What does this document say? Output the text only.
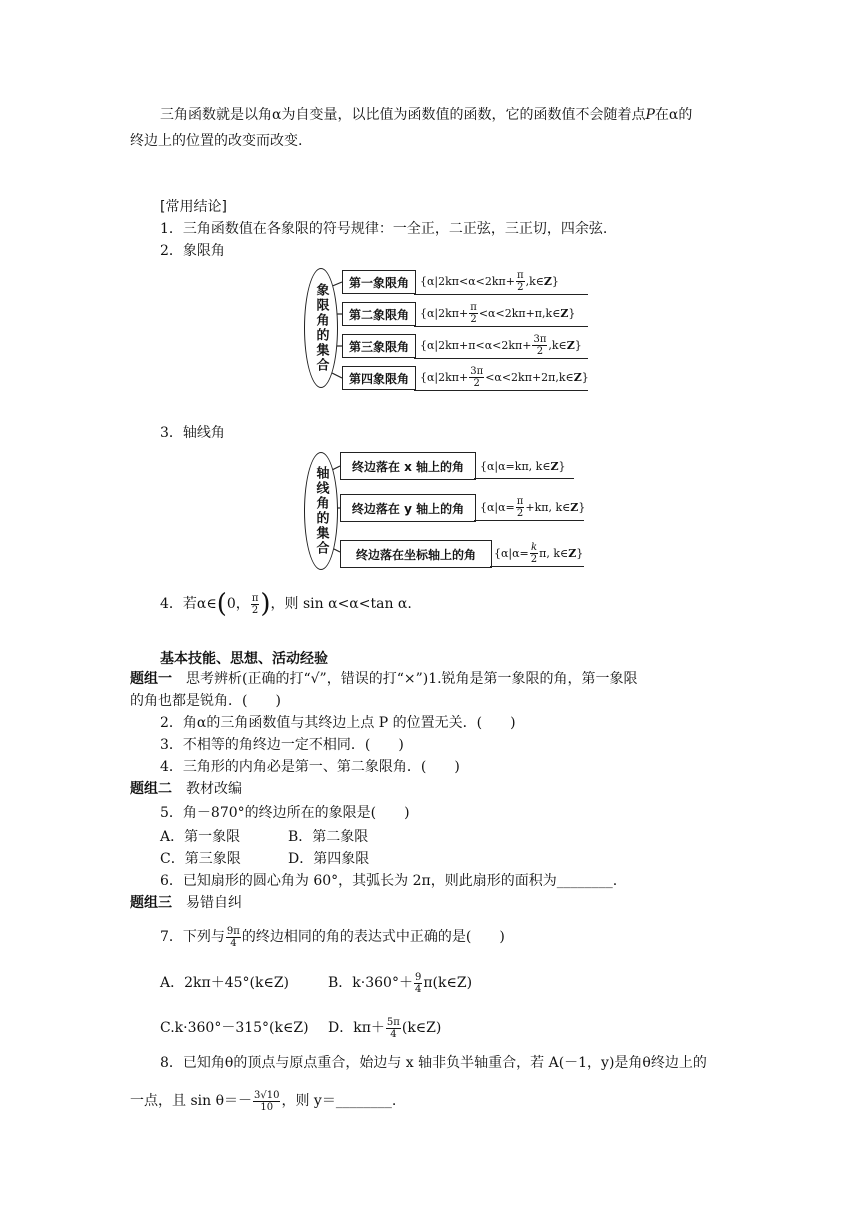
三角函数就是以角α为自变量，以比值为函数值的函数，它的函数值不会随着点P在α的
终边上的位置的改变而改变.
[常用结论]
1．三角函数值在各象限的符号规律：一全正，二正弦，三正切，四余弦.
2．象限角
象限角的集合
第一象限角	{$\alpha|2k\pi<\alpha<2k\pi+ \frac{\pi}{2}$ ,k∈ Z }
第二象限角	{$\alpha|2k\pi+ \frac{\pi}{2}$ <α<2kπ+π,k∈ Z }
第三象限角	{$\alpha|2k\pi+\pi<\alpha<2k\pi+ \frac{3\pi}{2}$ ,k∈ Z }
第四象限角	{$\alpha|2k\pi+ \frac{3\pi}{2}$ <α<2kπ+2π,k∈ Z }
3．轴线角
轴线角的集合	终边落在 x 轴上的角	{α|α=kπ, k∈ Z }
终边落在 y 轴上的角	{$\alpha|\alpha= \frac{\pi}{2} +k\pi$, k∈ Z }
终边落在坐标轴上的角	{$\alpha|\alpha= \frac{k}{2} \pi$, k∈ Z }
4．若α∈ ( 0， $\frac{\pi}{2}$ ) ，则 sin α<α<tan α.
基本技能、思想、活动经验
题组一　思考辨析(正确的打“√”，错误的打“×”)1.锐角是第一象限的角，第一象限
的角也都是锐角．(　　)
2．角α的三角函数值与其终边上点 P 的位置无关．(　　)
3．不相等的角终边一定不相同．(　　)
4．三角形的内角必是第一、第二象限角．(　　)
题组二　教材改编
5．角－870°的终边所在的象限是(　　)
A．第一象限	B．第二象限
C．第三象限	D．第四象限
6．已知扇形的圆心角为 60°，其弧长为 2π，则此扇形的面积为________.
题组三　易错自纠
7．下列与 $\frac{9\pi}{4}$ 的终边相同的角的表达式中正确的是(　　)
A．2kπ＋45°(k∈Z)	B．$k\cdot 360^\circ+ \frac{9}{4}$ π(k∈Z)
C.k·360°－315°(k∈Z) D．$k\pi+ \frac{5\pi}{4}$ (k∈Z)
8．已知角θ的顶点与原点重合，始边与 x 轴非负半轴重合，若 A(－1，y)是角θ终边上的
一点，且 $\sin \theta=- \frac{3√10}{10}$ ，则 y＝________.
